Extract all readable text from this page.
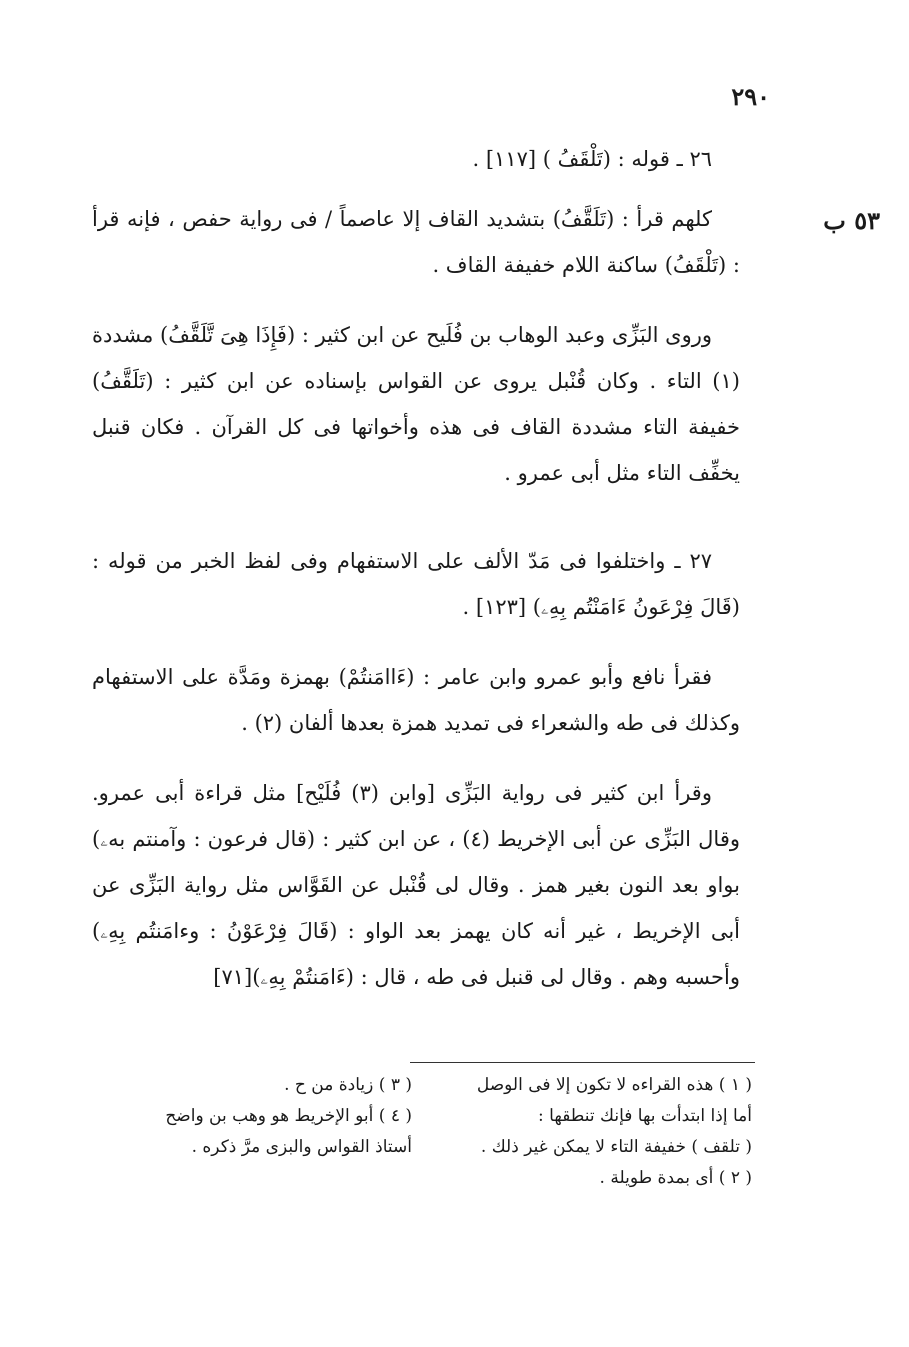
٢٩٠
٥٣ ب

٢٦ ـ قوله : (تَلْقَفُ ) [١١٧] .

كلهم قرأ : (تَلَقَّفُ) بتشديد القاف إلا عاصماً / فى رواية حفص ، فإنه قرأ : (تَلْقَفُ) ساكنة اللام خفيفة القاف .

وروى البَزِّى وعبد الوهاب بن فُلَيح عن ابن كثير : (فَإِذَا هِىَ تَّلَقَّفُ) مشددة (١) التاء . وكان قُنْبل يروى عن القواس بإسناده عن ابن كثير : (تَلَقَّفُ) خفيفة التاء مشددة القاف فى هذه وأخواتها فى كل القرآن . فكان قنبل يخفِّف التاء مثل أبى عمرو .

٢٧ ـ واختلفوا فى مَدّ الألف على الاستفهام وفى لفظ الخبر من قوله : (قَالَ فِرْعَونُ ءَامَنْتُم بِهِۦ) [١٢٣] .

فقرأ نافع وأبو عمرو وابن عامر : (ءَاامَنتُمْ) بهمزة ومَدَّة على الاستفهام وكذلك فى طه والشعراء فى تمديد همزة بعدها ألفان (٢) .

وقرأ ابن كثير فى رواية البَزِّى [وابن (٣) فُلَيْح] مثل قراءة أبى عمرو. وقال البَزِّى عن أبى الإخريط (٤) ، عن ابن كثير : (قال فرعون : وآمنتم بهۦ) بواو بعد النون بغير همز . وقال لى قُنْبل عن القَوَّاس مثل رواية البَزِّى عن أبى الإخريط ، غير أنه كان يهمز بعد الواو : (قَالَ فِرْعَوْنُ : وءامَنتُم بِهِۦ) وأحسبه وهم . وقال لى قنبل فى طه ، قال : (ءَامَنتُمْ بِهِۦ)[٧١]

( ١ ) هذه القراءه لا تكون إلا فى الوصل
( ٣ ) زيادة من ح .
أما إذا ابتدأت بها فإنك تنطقها :
( ٤ ) أبو الإخريط هو وهب بن واضح
( تلقف ) خفيفة التاء لا يمكن غير ذلك .
أستاذ القواس والبزى مرَّ ذكره .
( ٢ ) أى بمدة طويلة .
